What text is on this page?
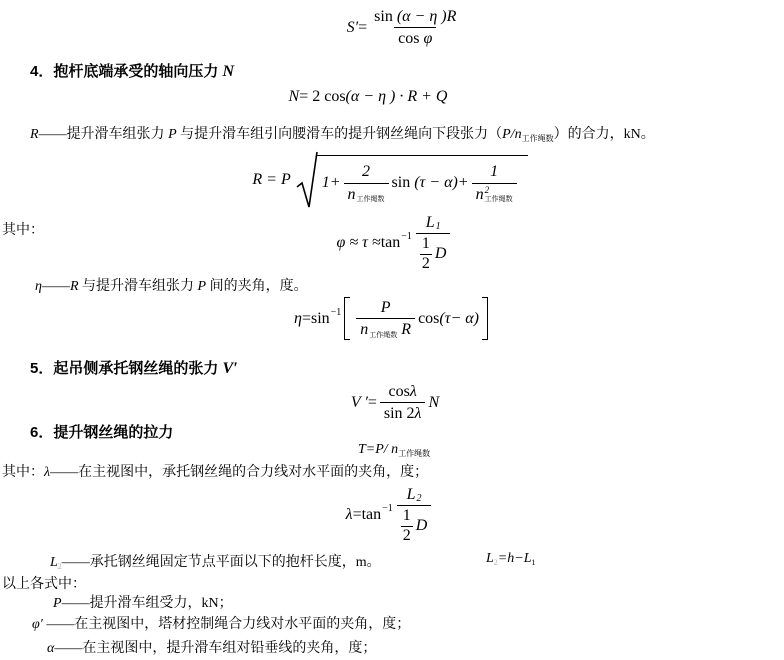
S′ = sin
(α − η )R
cos
φ
4．抱杆底端承受的轴向压力 N
N = 2 cos (α − η ) · R + Q
R——提升滑车组张力 P 与提升滑车组引向腰滑车的提升钢丝绳向下段张力$(P/n_{工作绳数})$的合力，kN。
R = P $1+ \frac{2}{\text{n 工作绳数}}$ sin
(τ − α)+ 1
n 2
工作绳数
其中：
$\varphi \approx \tau \approx \tan -1 \frac{L 1}{\frac{1}{2} D}$
η——R 与提升滑车组张力 P 间的夹角，度。
η = sin −1 P
n 工作绳数
R cos (τ− α)
5．起吊侧承托钢丝绳的张力 V′
V ′ = $\frac{\text{cos λ}}{\sin 2 \lambda}$ N
6．提升钢丝绳的拉力
T=P/ $n_{工作绳数}$
其中：λ——在主视图中，承托钢丝绳的合力线对水平面的夹角，度；
$\lambda = \tan -1 \frac{L 2}{\frac{1}{2} D}$
$L_2——$承托钢丝绳固定节点平面以下的抱杆长度，m。	$L_2=h-L_1$
以上各式中：
P——提升滑车组受力，kN；
φ′ ——在主视图中，塔材控制绳合力线对水平面的夹角，度；
α——在主视图中，提升滑车组对铅垂线的夹角，度；
